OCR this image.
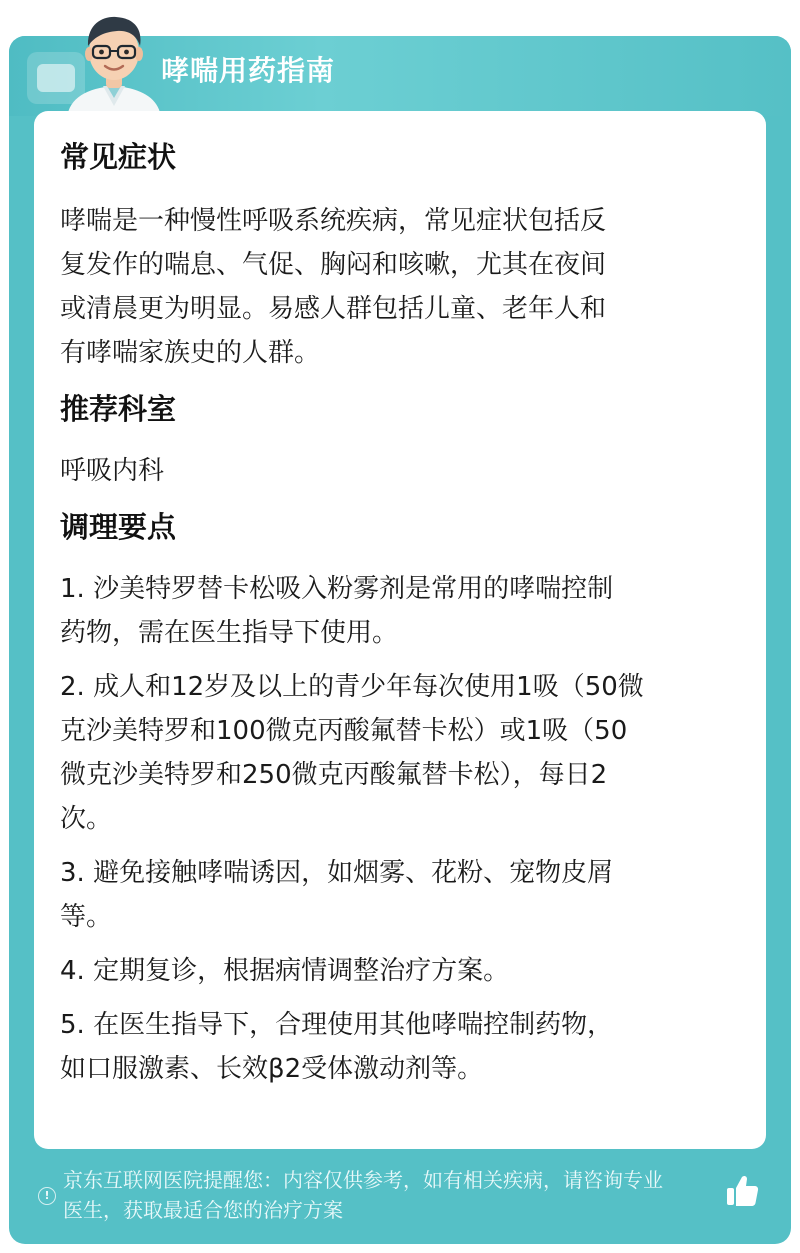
哮喘用药指南
常见症状

哮喘是一种慢性呼吸系统疾病，常见症状包括反

复发作的喘息、气促、胸闷和咳嗽，尤其在夜间

或清晨更为明显。易感人群包括儿童、老年人和

有哮喘家族史的人群。

推荐科室

呼吸内科

调理要点

1. 沙美特罗替卡松吸入粉雾剂是常用的哮喘控制

药物，需在医生指导下使用。

2. 成人和12岁及以上的青少年每次使用1吸（50微

克沙美特罗和100微克丙酸氟替卡松）或1吸（50

微克沙美特罗和250微克丙酸氟替卡松），每日2

次。

3. 避免接触哮喘诱因，如烟雾、花粉、宠物皮屑

等。

4. 定期复诊，根据病情调整治疗方案。

5. 在医生指导下，合理使用其他哮喘控制药物，

如口服激素、长效β2受体激动剂等。

!
京东互联网医院提醒您：内容仅供参考，如有相关疾病，请咨询专业
医生，获取最适合您的治疗方案
